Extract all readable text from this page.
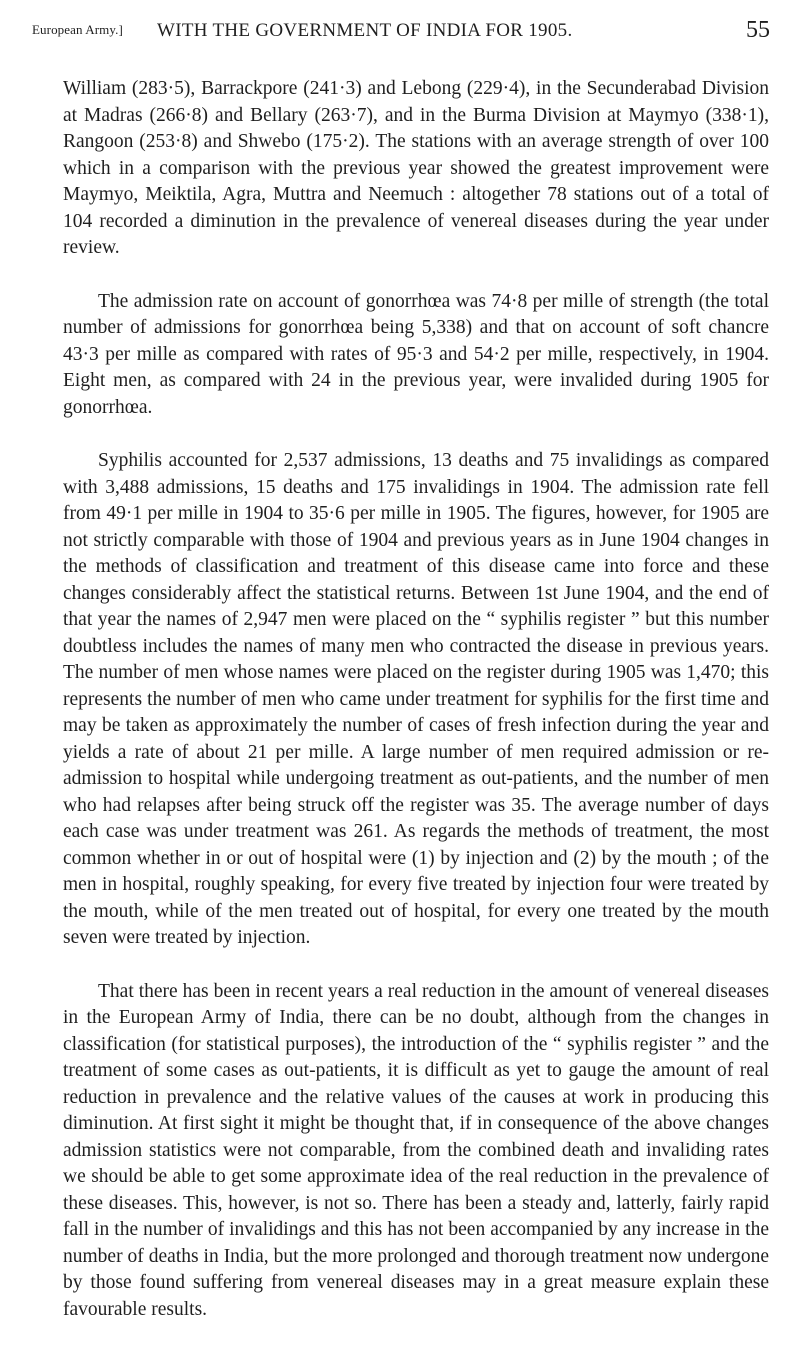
European Army.] WITH THE GOVERNMENT OF INDIA FOR 1905.	55

William (283·5), Barrackpore (241·3) and Lebong (229·4), in the Secunderabad Division at Madras (266·8) and Bellary (263·7), and in the Burma Division at Maymyo (338·1), Rangoon (253·8) and Shwebo (175·2). The stations with an average strength of over 100 which in a comparison with the previous year showed the greatest improvement were Maymyo, Meiktila, Agra, Muttra and Neemuch : altogether 78 stations out of a total of 104 recorded a diminution in the prevalence of venereal diseases during the year under review.

The admission rate on account of gonorrhœa was 74·8 per mille of strength (the total number of admissions for gonorrhœa being 5,338) and that on account of soft chancre 43·3 per mille as compared with rates of 95·3 and 54·2 per mille, respectively, in 1904. Eight men, as compared with 24 in the previous year, were invalided during 1905 for gonorrhœa.

Syphilis accounted for 2,537 admissions, 13 deaths and 75 invalidings as compared with 3,488 admissions, 15 deaths and 175 invalidings in 1904. The admission rate fell from 49·1 per mille in 1904 to 35·6 per mille in 1905. The figures, however, for 1905 are not strictly comparable with those of 1904 and previous years as in June 1904 changes in the methods of classification and treatment of this disease came into force and these changes considerably affect the statistical returns. Between 1st June 1904, and the end of that year the names of 2,947 men were placed on the “ syphilis register ” but this number doubtless includes the names of many men who contracted the disease in previous years. The number of men whose names were placed on the register during 1905 was 1,470; this represents the number of men who came under treatment for syphilis for the first time and may be taken as approximately the number of cases of fresh infection during the year and yields a rate of about 21 per mille. A large number of men required admission or re-admission to hospital while undergoing treatment as out-patients, and the number of men who had relapses after being struck off the register was 35. The average number of days each case was under treatment was 261. As regards the methods of treatment, the most common whether in or out of hospital were (1) by injection and (2) by the mouth ; of the men in hospital, roughly speaking, for every five treated by injection four were treated by the mouth, while of the men treated out of hospital, for every one treated by the mouth seven were treated by injection.

That there has been in recent years a real reduction in the amount of venereal diseases in the European Army of India, there can be no doubt, although from the changes in classification (for statistical purposes), the introduction of the “ syphilis register ” and the treatment of some cases as out-patients, it is difficult as yet to gauge the amount of real reduction in prevalence and the relative values of the causes at work in producing this diminution. At first sight it might be thought that, if in consequence of the above changes admission statistics were not comparable, from the combined death and invaliding rates we should be able to get some approximate idea of the real reduction in the prevalence of these diseases. This, however, is not so. There has been a steady and, latterly, fairly rapid fall in the number of invalidings and this has not been accompanied by any increase in the number of deaths in India, but the more prolonged and thorough treatment now undergone by those found suffering from venereal diseases may in a great measure explain these favourable results.
